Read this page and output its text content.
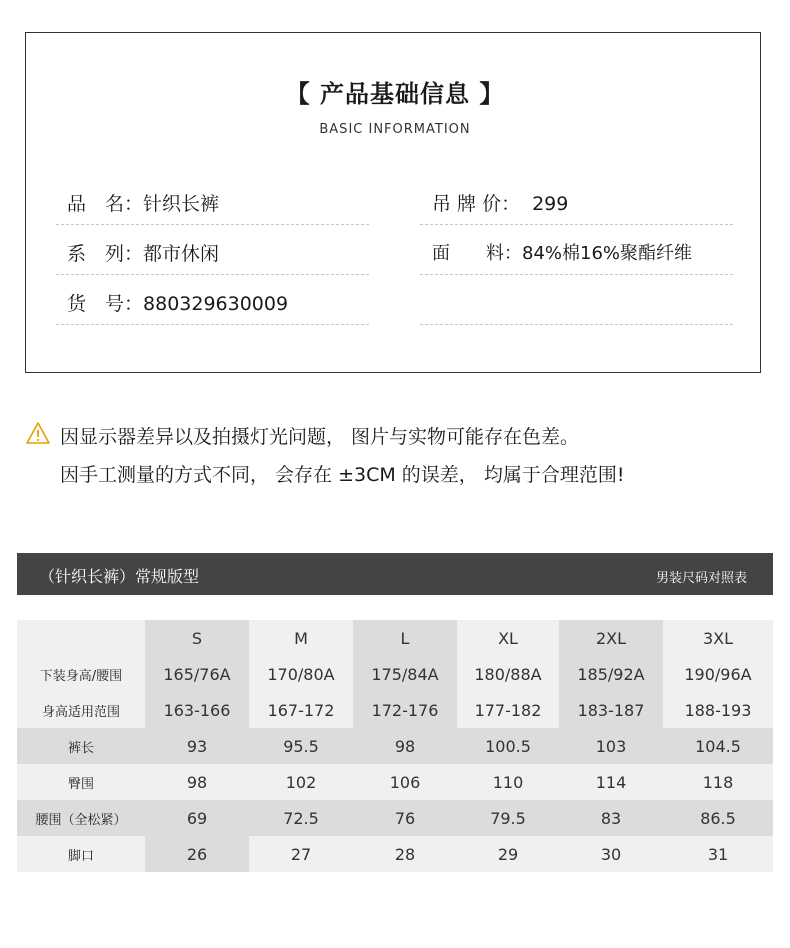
【 产品基础信息 】
BASIC INFORMATION
品　名：针织长裤
系　列：都市休闲
货　号：880329630009
吊 牌 价： 299
面　　料：84%棉16%聚酯纤维
因显示器差异以及拍摄灯光问题， 图片与实物可能存在色差。
因手工测量的方式不同， 会存在 ±3CM 的误差， 均属于合理范围!
（针织长裤）常规版型	男装尺码对照表
	S	M	L	XL	2XL	3XL
下装身高/腰围	165/76A	170/80A	175/84A	180/88A	185/92A	190/96A
身高适用范围	163-166	167-172	172-176	177-182	183-187	188-193
裤长	93	95.5	98	100.5	103	104.5
臀围	98	102	106	110	114	118
腰围（全松紧）	69	72.5	76	79.5	83	86.5
脚口	26	27	28	29	30	31
